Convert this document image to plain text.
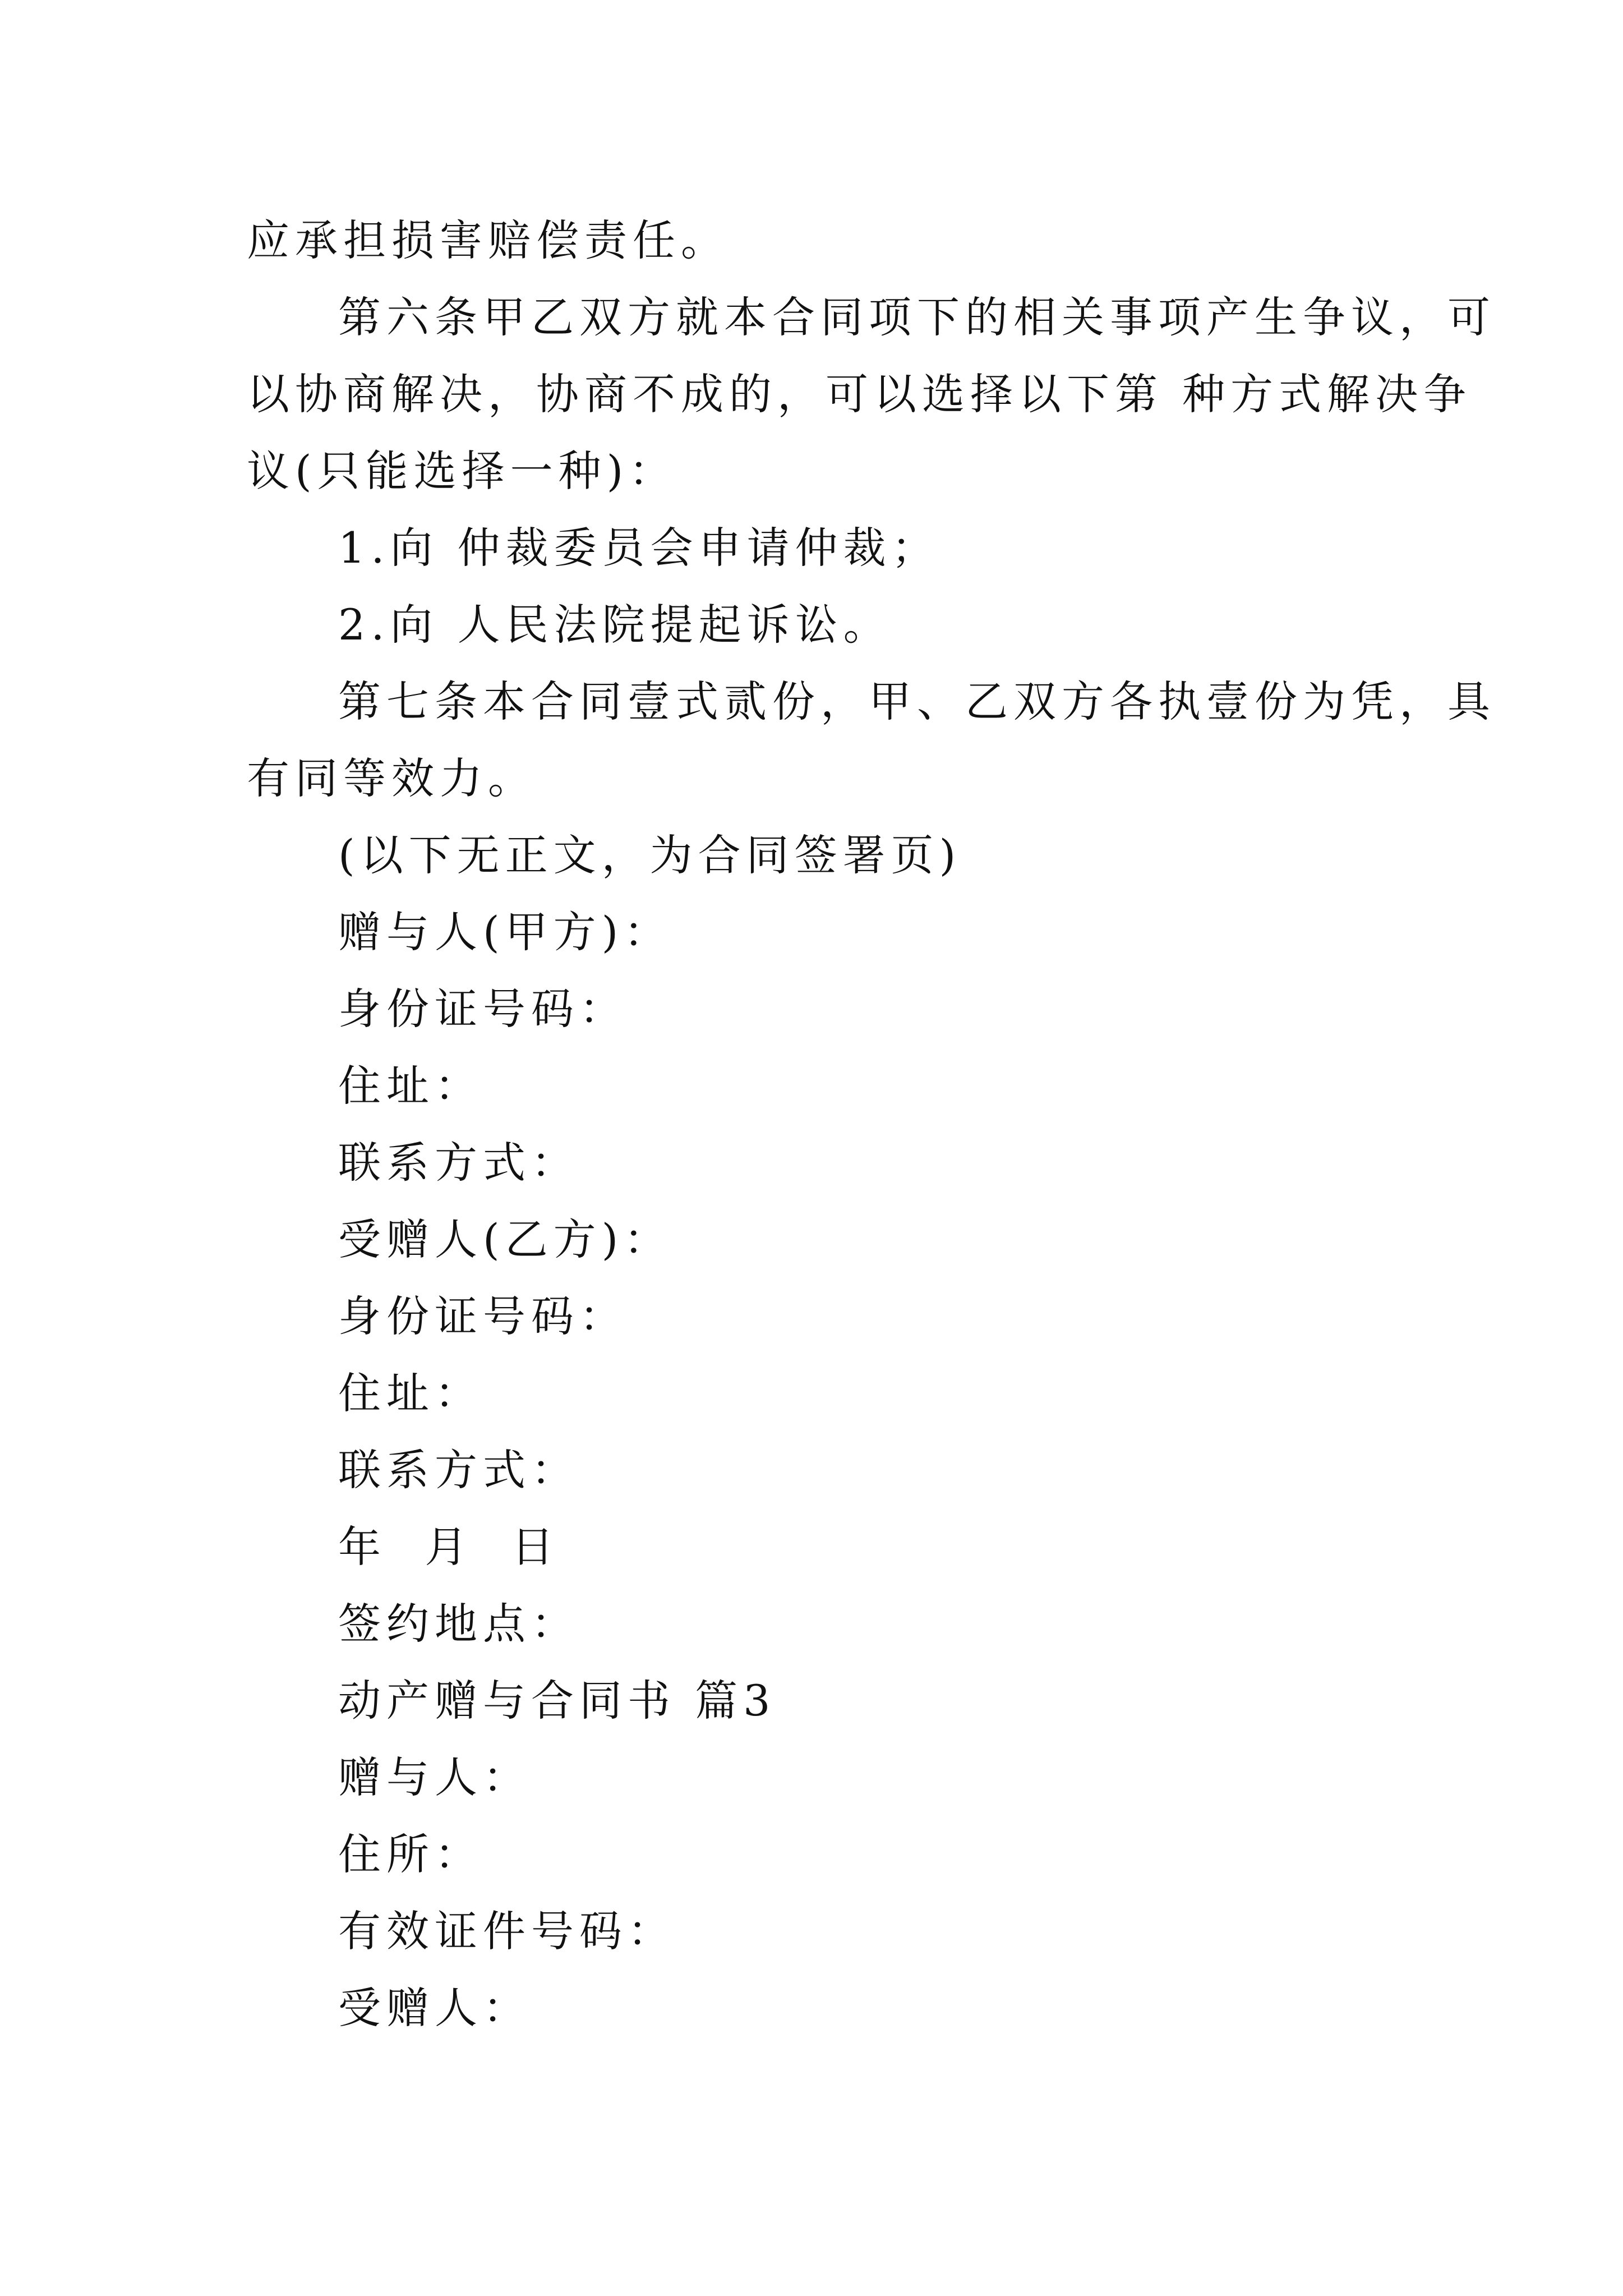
应承担损害赔偿责任。
第六条甲乙双方就本合同项下的相关事项产生争议，可
以协商解决，协商不成的，可以选择以下第 种方式解决争
议(只能选择一种)：
1.向 仲裁委员会申请仲裁；
2.向 人民法院提起诉讼。
第七条本合同壹式贰份，甲、乙双方各执壹份为凭，具
有同等效力。
(以下无正文，为合同签署页)
赠与人(甲方)：
身份证号码：
住址：
联系方式：
受赠人(乙方)：
身份证号码：
住址：
联系方式：
年  月  日
签约地点：
动产赠与合同书 篇3
赠与人：
住所：
有效证件号码：
受赠人：
